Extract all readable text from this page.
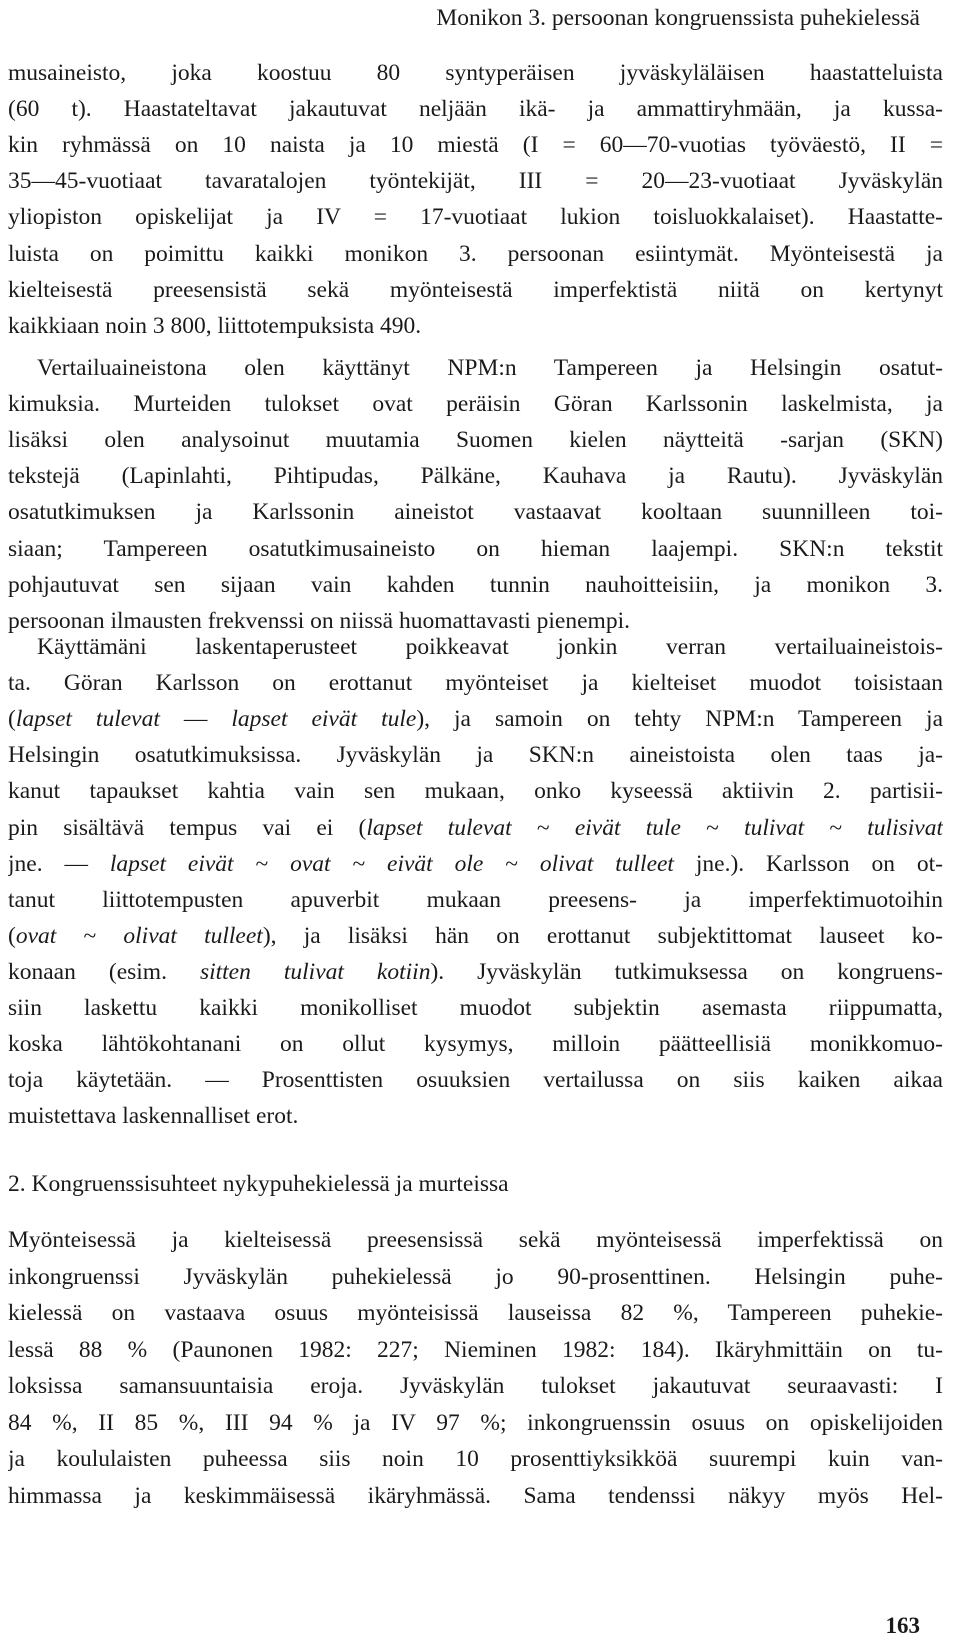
Monikon 3. persoonan kongruenssista puhekielessä
musaineisto, joka koostuu 80 syntyperäisen jyväskyläläisen haastatteluista
(60 t). Haastateltavat jakautuvat neljään ikä- ja ammattiryhmään, ja kussa-
kin ryhmässä on 10 naista ja 10 miestä (I = 60—70-vuotias työväestö, II =
35—45-vuotiaat tavaratalojen työntekijät, III = 20—23-vuotiaat Jyväskylän
yliopiston opiskelijat ja IV = 17-vuotiaat lukion toisluokkalaiset). Haastatte-
luista on poimittu kaikki monikon 3. persoonan esiintymät. Myönteisestä ja
kielteisestä preesensistä sekä myönteisestä imperfektistä niitä on kertynyt
kaikkiaan noin 3 800, liittotempuksista 490.
Vertailuaineistona olen käyttänyt NPM:n Tampereen ja Helsingin osatut-
kimuksia. Murteiden tulokset ovat peräisin Göran Karlssonin laskelmista, ja
lisäksi olen analysoinut muutamia Suomen kielen näytteitä -sarjan (SKN)
tekstejä (Lapinlahti, Pihtipudas, Pälkäne, Kauhava ja Rautu). Jyväskylän
osatutkimuksen ja Karlssonin aineistot vastaavat kooltaan suunnilleen toi-
siaan; Tampereen osatutkimusaineisto on hieman laajempi. SKN:n tekstit
pohjautuvat sen sijaan vain kahden tunnin nauhoitteisiin, ja monikon 3.
persoonan ilmausten frekvenssi on niissä huomattavasti pienempi.
Käyttämäni laskentaperusteet poikkeavat jonkin verran vertailuaineistois-
ta. Göran Karlsson on erottanut myönteiset ja kielteiset muodot toisistaan
(lapset tulevat — lapset eivät tule), ja samoin on tehty NPM:n Tampereen ja
Helsingin osatutkimuksissa. Jyväskylän ja SKN:n aineistoista olen taas ja-
kanut tapaukset kahtia vain sen mukaan, onko kyseessä aktiivin 2. partisii-
pin sisältävä tempus vai ei (lapset tulevat ~ eivät tule ~ tulivat ~ tulisivat
jne. — lapset eivät ~ ovat ~ eivät ole ~ olivat tulleet jne.). Karlsson on ot-
tanut liittotempusten apuverbit mukaan preesens- ja imperfektimuotoihin
(ovat ~ olivat tulleet), ja lisäksi hän on erottanut subjektittomat lauseet ko-
konaan (esim. sitten tulivat kotiin). Jyväskylän tutkimuksessa on kongruens-
siin laskettu kaikki monikolliset muodot subjektin asemasta riippumatta,
koska lähtökohtanani on ollut kysymys, milloin päätteellisiä monikkomuo-
toja käytetään. — Prosenttisten osuuksien vertailussa on siis kaiken aikaa
muistettava laskennalliset erot.
2. Kongruenssisuhteet nykypuhekielessä ja murteissa
Myönteisessä ja kielteisessä preesensissä sekä myönteisessä imperfektissä on
inkongruenssi Jyväskylän puhekielessä jo 90-prosenttinen. Helsingin puhe-
kielessä on vastaava osuus myönteisissä lauseissa 82 %, Tampereen puhekie-
lessä 88 % (Paunonen 1982: 227; Nieminen 1982: 184). Ikäryhmittäin on tu-
loksissa samansuuntaisia eroja. Jyväskylän tulokset jakautuvat seuraavasti: I
84 %, II 85 %, III 94 % ja IV 97 %; inkongruenssin osuus on opiskelijoiden
ja koululaisten puheessa siis noin 10 prosenttiyksikköä suurempi kuin van-
himmassa ja keskimmäisessä ikäryhmässä. Sama tendenssi näkyy myös Hel-
163
